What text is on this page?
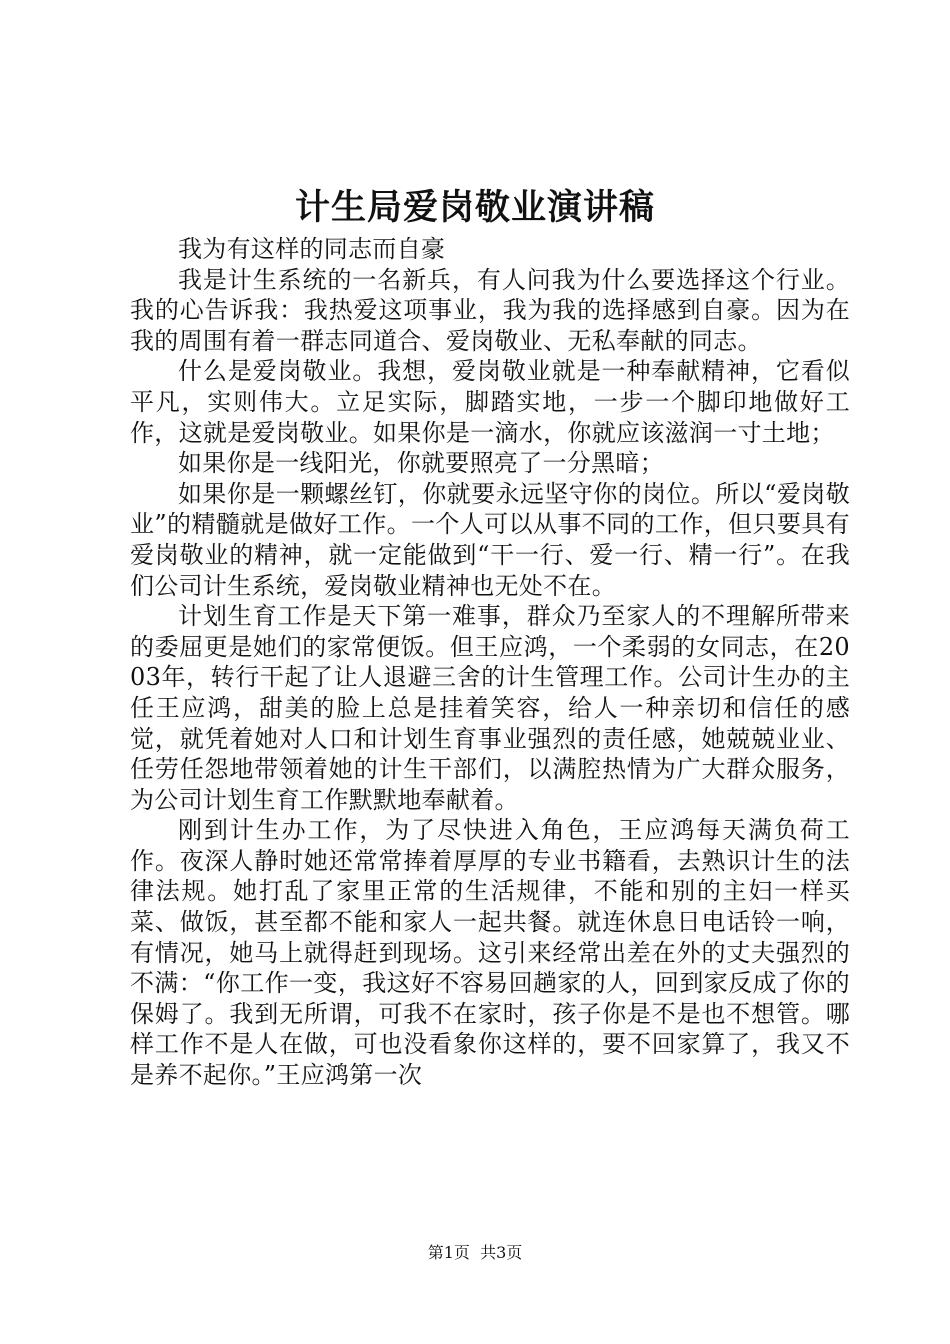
计生局爱岗敬业演讲稿

我为有这样的同志而自豪

我是计生系统的一名新兵，有人问我为什么要选择这个行业。我的心告诉我：我热爱这项事业，我为我的选择感到自豪。因为在我的周围有着一群志同道合、爱岗敬业、无私奉献的同志。

什么是爱岗敬业。我想，爱岗敬业就是一种奉献精神，它看似平凡，实则伟大。立足实际，脚踏实地，一步一个脚印地做好工作，这就是爱岗敬业。如果你是一滴水，你就应该滋润一寸土地；

如果你是一线阳光，你就要照亮了一分黑暗；

如果你是一颗螺丝钉，你就要永远坚守你的岗位。所以“爱岗敬业”的精髓就是做好工作。一个人可以从事不同的工作，但只要具有爱岗敬业的精神，就一定能做到“干一行、爱一行、精一行”。在我们公司计生系统，爱岗敬业精神也无处不在。

计划生育工作是天下第一难事，群众乃至家人的不理解所带来的委屈更是她们的家常便饭。但王应鸿，一个柔弱的女同志，在2003年，转行干起了让人退避三舍的计生管理工作。公司计生办的主任王应鸿，甜美的脸上总是挂着笑容，给人一种亲切和信任的感觉，就凭着她对人口和计划生育事业强烈的责任感，她兢兢业业、任劳任怨地带领着她的计生干部们，以满腔热情为广大群众服务，为公司计划生育工作默默地奉献着。

刚到计生办工作，为了尽快进入角色，王应鸿每天满负荷工作。夜深人静时她还常常捧着厚厚的专业书籍看，去熟识计生的法律法规。她打乱了家里正常的生活规律，不能和别的主妇一样买菜、做饭，甚至都不能和家人一起共餐。就连休息日电话铃一响，有情况，她马上就得赶到现场。这引来经常出差在外的丈夫强烈的不满：“你工作一变，我这好不容易回趟家的人，回到家反成了你的保姆了。我到无所谓，可我不在家时，孩子你是不是也不想管。哪样工作不是人在做，可也没看象你这样的，要不回家算了，我又不是养不起你。”王应鸿第一次

第1页  共3页
